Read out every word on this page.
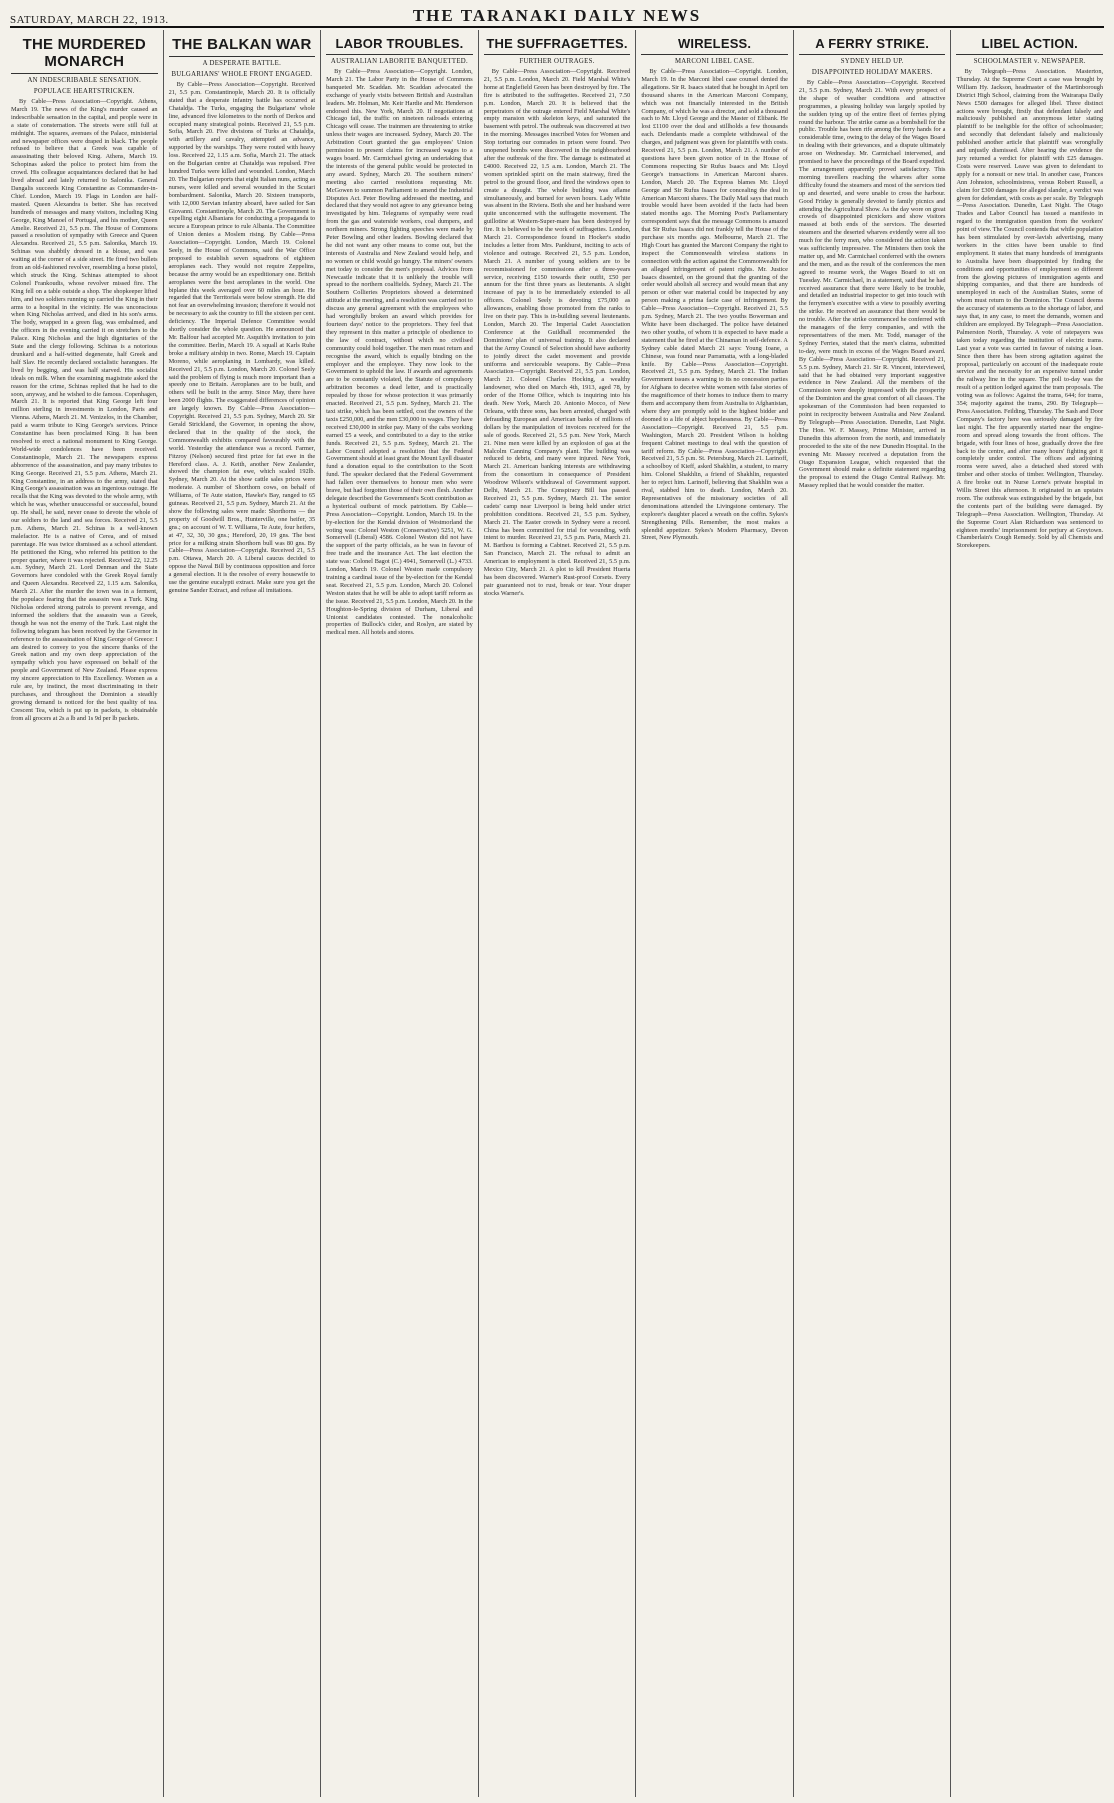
SATURDAY, MARCH 22, 1913.	THE TARANAKI DAILY NEWS
THE MURDERED MONARCH
AN INDESCRIBABLE SENSATION.
POPULACE HEARTSTRICKEN.
By Cable—Press Association—Copyright. Athens, March 19. The news of the King's murder caused an indescribable sensation in the capital, and people were in a state of consternation. The streets were still full at midnight. The squares, avenues of the Palace, ministerial and newspaper offices were draped in black. The people refused to believe that a Greek was capable of assassinating their beloved King. Athens, March 19. Schopinas asked the police to protect him from the crowd. His colleague acquaintances declared that he had lived abroad and lately returned to Salonika. General Dangalis succeeds King Constantine as Commander-in-Chief. London, March 19. Flags in London are half-masted. Queen Alexandra is better. She has received hundreds of messages and many visitors, including King George, King Manoel of Portugal, and his mother, Queen Amelie. Received 21, 5.5 p.m. The House of Commons passed a resolution of sympathy with Greece and Queen Alexandra. Received 21, 5.5 p.m. Salonika, March 19. Schinas was shabbily dressed in a blouse, and was waiting at the corner of a side street. He fired two bullets from an old-fashioned revolver, resembling a horse pistol, which struck the King. Schinas attempted to shoot Colonel Frankoudis, whose revolver missed fire. The King fell on a table outside a shop. The shopkeeper lifted him, and two soldiers running up carried the King in their arms to a hospital in the vicinity. He was unconscious when King Nicholas arrived, and died in his son's arms. The body, wrapped in a green flag, was embalmed, and the officers in the evening carried it on stretchers to the Palace. King Nicholas and the high dignitaries of the State and the clergy following. Schinas is a notorious drunkard and a half-witted degenerate, half Greek and half Slav. He recently declared socialistic harangues. He lived by begging, and was half starved. His socialist ideals on milk. When the examining magistrate asked the reason for the crime, Schinas replied that he had to die soon, anyway, and he wished to die famous. Copenhagen, March 21. It is reported that King George left four million sterling in investments in London, Paris and Vienna. Athens, March 21. M. Venizelos, in the Chamber, paid a warm tribute to King George's services. Prince Constantine has been proclaimed King. It has been resolved to erect a national monument to King George. World-wide condolences have been received. Constantinople, March 21. The newspapers express abhorrence of the assassination, and pay many tributes to King George. Received 21, 5.5 p.m. Athens, March 21. King Constantine, in an address to the army, stated that King George's assassination was an ingenious outrage. He recalls that the King was devoted to the whole army, with which he was, whether unsuccessful or successful, bound up. He shall, he said, never cease to devote the whole of our soldiers to the land and sea forces. Received 21, 5.5 p.m. Athens, March 21. Schinas is a well-known malefactor. He is a native of Cerea, and of mixed parentage. He was twice dismissed as a school attendant. He petitioned the King, who referred his petition to the proper quarter, where it was rejected. Received 22, 12.25 a.m. Sydney, March 21. Lord Denman and the State Governors have condoled with the Greek Royal family and Queen Alexandra. Received 22, 1.15 a.m. Salonika, March 21. After the murder the town was in a ferment, the populace fearing that the assassin was a Turk. King Nicholas ordered strong patrols to prevent revenge, and informed the soldiers that the assassin was a Greek, though he was not the enemy of the Turk. Last night the following telegram has been received by the Governor in reference to the assassination of King George of Greece: I am desired to convey to you the sincere thanks of the Greek nation and my own deep appreciation of the sympathy which you have expressed on behalf of the people and Government of New Zealand. Please express my sincere appreciation to His Excellency. Women as a rule are, by instinct, the most discriminating in their purchases, and throughout the Dominion a steadily growing demand is noticed for the best quality of tea. Crescent Tea, which is put up in packets, is obtainable from all grocers at 2s a lb and 1s 9d per lb packets.
THE BALKAN WAR
A DESPERATE BATTLE.
BULGARIANS' WHOLE FRONT ENGAGED.
By Cable—Press Association—Copyright. Received 21, 5.5 p.m. Constantinople, March 20. It is officially stated that a desperate infantry battle has occurred at Chataldja. The Turks, engaging the Bulgarians' whole line, advanced five kilometres to the north of Derkos and occupied many strategical points. Received 21, 5.5 p.m. Sofia, March 20. Five divisions of Turks at Chataldja, with artillery and cavalry, attempted an advance, supported by the warships. They were routed with heavy loss. Received 22, 1.15 a.m. Sofia, March 21. The attack on the Bulgarian centre at Chataldja was repulsed. Five hundred Turks were killed and wounded. London, March 20. The Bulgarian reports that eight Italian nuns, acting as nurses, were killed and several wounded in the Scutari bombardment. Salonika, March 20. Sixteen transports, with 12,000 Servian infantry aboard, have sailed for San Giovanni. Constantinople, March 20. The Government is expelling eight Albanians for conducting a propaganda to secure a European prince to rule Albania. The Committee of Union denies a Moslem rising. By Cable—Press Association—Copyright. London, March 19. Colonel Seely, in the House of Commons, said the War Office proposed to establish seven squadrons of eighteen aeroplanes each. They would not require Zeppelins, because the army would be an expeditionary one. British aeroplanes were the best aeroplanes in the world. One biplane this week averaged over 60 miles an hour. He regarded that the Territorials were below strength. He did not fear an overwhelming invasion; therefore it would not be necessary to ask the country to fill the sixteen per cent. deficiency. The Imperial Defence Committee would shortly consider the whole question. He announced that Mr. Balfour had accepted Mr. Asquith's invitation to join the committee. Berlin, March 19. A squall at Karls Ruhe broke a military airship in two. Rome, March 19. Captain Moreno, while aeroplaning in Lombardy, was killed. Received 21, 5.5 p.m. London, March 20. Colonel Seely said the problem of flying is much more important than a speedy one to Britain. Aeroplanes are to be built, and others will be built in the army. Since May, there have been 2000 flights. The exaggerated differences of opinion are largely known. By Cable—Press Association—Copyright. Received 21, 5.5 p.m. Sydney, March 20. Sir Gerald Strickland, the Governor, in opening the show, declared that in the quality of the stock, the Commonwealth exhibits compared favourably with the world. Yesterday the attendance was a record. Farmer, Fitzroy (Nelson) secured first prize for fat ewe in the Hereford class. A. J. Keith, another New Zealander, showed the champion fat ewe, which scaled 192lb. Sydney, March 20. At the show cattle sales prices were moderate. A number of Shorthorn cows, on behalf of Williams, of Te Aute station, Hawke's Bay, ranged to 65 guineas. Received 21, 5.5 p.m. Sydney, March 21. At the show the following sales were made: Shorthorns — the property of Goodwill Bros., Hunterville, one heifer, 35 gns.; on account of W. T. Williams, Te Aute, four heifers, at 47, 32, 30, 30 gns.; Hereford, 20, 19 gns. The best price for a milking strain Shorthorn bull was 80 gns. By Cable—Press Association—Copyright. Received 21, 5.5 p.m. Ottawa, March 20. A Liberal caucus decided to oppose the Naval Bill by continuous opposition and force a general election. It is the resolve of every housewife to use the genuine eucalypti extract. Make sure you get the genuine Sander Extract, and refuse all imitations.
LABOR TROUBLES.
AUSTRALIAN LABORITE BANQUETTED.
By Cable—Press Association—Copyright. London, March 21. The Labor Party in the House of Commons banqueted Mr. Scaddan. Mr. Scaddan advocated the exchange of yearly visits between British and Australian leaders. Mr. Holman, Mr. Keir Hardie and Mr. Henderson endorsed this. New York, March 20. If negotiations at Chicago fail, the traffic on nineteen railroads entering Chicago will cease. The trainmen are threatening to strike unless their wages are increased. Sydney, March 20. The Arbitration Court granted the gas employees' Union permission to present claims for increased wages to a wages board. Mr. Carmichael giving an undertaking that the interests of the general public would be protected in any award. Sydney, March 20. The southern miners' meeting also carried resolutions requesting Mr. McGowen to summon Parliament to amend the Industrial Disputes Act. Peter Bowling addressed the meeting, and declared that they would not agree to any grievance being investigated by him. Telegrams of sympathy were read from the gas and waterside workers, coal dumpers, and northern miners. Strong fighting speeches were made by Peter Bowling and other leaders. Bowling declared that he did not want any other means to come out, but the interests of Australia and New Zealand would help, and no women or child would go hungry. The miners' owners met today to consider the men's proposal. Advices from Newcastle indicate that it is unlikely the trouble will spread to the northern coalfields. Sydney, March 21. The Southern Collieries Proprietors showed a determined attitude at the meeting, and a resolution was carried not to discuss any general agreement with the employees who had wrongfully broken an award which provides for fourteen days' notice to the proprietors. They feel that they represent in this matter a principle of obedience to the law of contract, without which no civilised community could hold together. The men must return and recognise the award, which is equally binding on the employer and the employee. They now look to the Government to uphold the law. If awards and agreements are to be constantly violated, the Statute of compulsory arbitration becomes a dead letter, and is practically repealed by those for whose protection it was primarily enacted. Received 21, 5.5 p.m. Sydney, March 21. The taxi strike, which has been settled, cost the owners of the taxis £250,000, and the men £30,000 in wages. They have received £30,000 in strike pay. Many of the cabs working earned £5 a week, and contributed to a day to the strike funds. Received 21, 5.5 p.m. Sydney, March 21. The Labor Council adopted a resolution that the Federal Government should at least grant the Mount Lyell disaster fund a donation equal to the contribution to the Scott fund. The speaker declared that the Federal Government had fallen over themselves to honour men who were brave, but had forgotten those of their own flesh. Another delegate described the Government's Scott contribution as a hysterical outburst of mock patriotism. By Cable—Press Association—Copyright. London, March 19. In the by-election for the Kendal division of Westmorland the voting was: Colonel Weston (Conservative) 5251, W. G. Somervell (Liberal) 4586. Colonel Weston did not have the support of the party officials, as he was in favour of free trade and the insurance Act. The last election the state was: Colonel Bagot (C.) 4941, Somervell (L.) 4733. London, March 19. Colonel Weston made compulsory training a cardinal issue of the by-election for the Kendal seat. Received 21, 5.5 p.m. London, March 20. Colonel Weston states that he will be able to adopt tariff reform as the issue. Received 21, 5.5 p.m. London, March 20. In the Houghton-le-Spring division of Durham, Liberal and Unionist candidates contested. The nonalcoholic properties of Bullock's cider, and Roslyn, are stated by medical men. All hotels and stores.
THE SUFFRAGETTES.
FURTHER OUTRAGES.
By Cable—Press Association—Copyright. Received 21, 5.5 p.m. London, March 20. Field Marshal White's home at Englefield Green has been destroyed by fire. The fire is attributed to the suffragettes. Received 21, 7.50 p.m. London, March 20. It is believed that the perpetrators of the outrage entered Field Marshal White's empty mansion with skeleton keys, and saturated the basement with petrol. The outbreak was discovered at two in the morning. Messages inscribed Votes for Women and Stop torturing our comrades in prison were found. Two unopened bombs were discovered in the neighbourhood after the outbreak of the fire. The damage is estimated at £4000. Received 22, 1.5 a.m. London, March 21. The women sprinkled spirit on the main stairway, fired the petrol to the ground floor, and fired the windows open to create a draught. The whole building was aflame simultaneously, and burned for seven hours. Lady White was absent in the Riviera. Both she and her husband were quite unconcerned with the suffragette movement. The guillotine at Western-Super-mare has been destroyed by fire. It is believed to be the work of suffragettes. London, March 21. Correspondence found in Hocker's studio includes a letter from Mrs. Pankhurst, inciting to acts of violence and outrage. Received 21, 5.5 p.m. London, March 21. A number of young soldiers are to be recommissioned for commissions after a three-years service, receiving £150 towards their outfit, £50 per annum for the first three years as lieutenants. A slight increase of pay is to be immediately extended to all officers. Colonel Seely is devoting £75,000 as allowances, enabling those promoted from the ranks to live on their pay. This is in-building several lieutenants. London, March 20. The Imperial Cadet Association Conference at the Guildhall recommended the Dominions' plan of universal training. It also declared that the Army Council of Selection should have authority to jointly direct the cadet movement and provide uniforms and serviceable weapons. By Cable—Press Association—Copyright. Received 21, 5.5 p.m. London, March 21. Colonel Charles Hocking, a wealthy landowner, who died on March 4th, 1913, aged 78, by order of the Home Office, which is inquiring into his death. New York, March 20. Antonio Mocco, of New Orleans, with three sons, has been arrested, charged with defrauding European and American banks of millions of dollars by the manipulation of invoices received for the sale of goods. Received 21, 5.5 p.m. New York, March 21. Nine men were killed by an explosion of gas at the Malcolm Canning Company's plant. The building was reduced to debris, and many were injured. New York, March 21. American banking interests are withdrawing from the consortium in consequence of President Woodrow Wilson's withdrawal of Government support. Delhi, March 21. The Conspiracy Bill has passed. Received 21, 5.5 p.m. Sydney, March 21. The senior cadets' camp near Liverpool is being held under strict prohibition conditions. Received 21, 5.5 p.m. Sydney, March 21. The Easter crowds in Sydney were a record. China has been committed for trial for wounding, with intent to murder. Received 21, 5.5 p.m. Paris, March 21. M. Barthou is forming a Cabinet. Received 21, 5.5 p.m. San Francisco, March 21. The refusal to admit an American to employment is cited. Received 21, 5.5 p.m. Mexico City, March 21. A plot to kill President Huerta has been discovered. Warner's Rust-proof Corsets. Every pair guaranteed not to rust, break or tear. Your draper stocks Warner's.
WIRELESS.
MARCONI LIBEL CASE.
By Cable—Press Association—Copyright. London, March 19. In the Marconi libel case counsel denied the allegations. Sir R. Isaacs stated that he bought in April ten thousand shares in the American Marconi Company, which was not financially interested in the British Company, of which he was a director, and sold a thousand each to Mr. Lloyd George and the Master of Elibank. He lost £1100 over the deal and stillholds a few thousands each. Defendants made a complete withdrawal of the charges, and judgment was given for plaintiffs with costs. Received 21, 5.5 p.m. London, March 21. A number of questions have been given notice of in the House of Commons respecting Sir Rufus Isaacs and Mr. Lloyd George's transactions in American Marconi shares. London, March 20. The Express blames Mr. Lloyd George and Sir Rufus Isaacs for concealing the deal in American Marconi shares. The Daily Mail says that much trouble would have been avoided if the facts had been stated months ago. The Morning Post's Parliamentary correspondent says that the message Commons is amazed that Sir Rufus Isaacs did not frankly tell the House of the purchase six months ago. Melbourne, March 21. The High Court has granted the Marconi Company the right to inspect the Commonwealth wireless stations in connection with the action against the Commonwealth for an alleged infringement of patent rights. Mr. Justice Isaacs dissented, on the ground that the granting of the order would abolish all secrecy and would mean that any person or other war material could be inspected by any person making a prima facie case of infringement. By Cable—Press Association—Copyright. Received 21, 5.5 p.m. Sydney, March 21. The two youths Bowerman and White have been discharged. The police have detained two other youths, of whom it is expected to have made a statement that he fired at the Chinaman in self-defence. A Sydney cable dated March 21 says: Young Ioane, a Chinese, was found near Parramatta, with a long-bladed knife. By Cable—Press Association—Copyright. Received 21, 5.5 p.m. Sydney, March 21. The Indian Government issues a warning to its no concession parties for Afghans to deceive white women with false stories of the magnificence of their homes to induce them to marry them and accompany them from Australia to Afghanistan, where they are promptly sold to the highest bidder and doomed to a life of abject hopelessness. By Cable—Press Association—Copyright. Received 21, 5.5 p.m. Washington, March 20. President Wilson is holding frequent Cabinet meetings to deal with the question of tariff reform. By Cable—Press Association—Copyright. Received 21, 5.5 p.m. St. Petersburg, March 21. Larinoff, a schoolboy of Kieff, asked Shakhlin, a student, to marry him. Colonel Shakhlin, a friend of Shakhlin, requested her to reject him. Larinoff, believing that Shakhlin was a rival, stabbed him to death. London, March 20. Representatives of the missionary societies of all denominations attended the Livingstone centenary. The explorer's daughter placed a wreath on the coffin. Sykes's Strengthening Pills. Remember, the most makes a splendid appetizer. Sykes's Modern Pharmacy, Devon Street, New Plymouth.
A FERRY STRIKE.
SYDNEY HELD UP.
DISAPPOINTED HOLIDAY MAKERS.
By Cable—Press Association—Copyright. Received 21, 5.5 p.m. Sydney, March 21. With every prospect of the shape of weather conditions and attractive programmes, a pleasing holiday was largely spoiled by the sudden tying up of the entire fleet of ferries plying round the harbour. The strike came as a bombshell for the public. Trouble has been rife among the ferry hands for a considerable time, owing to the delay of the Wages Board in dealing with their grievances, and a dispute ultimately arose on Wednesday. Mr. Carmichael intervened, and promised to have the proceedings of the Board expedited. The arrangement apparently proved satisfactory. This morning travellers reaching the wharves after some difficulty found the steamers and most of the services tied up and deserted, and were unable to cross the harbour. Good Friday is generally devoted to family picnics and attending the Agricultural Show. As the day wore on great crowds of disappointed picnickers and show visitors massed at both ends of the services. The deserted steamers and the deserted wharves evidently were all too much for the ferry men, who considered the action taken was sufficiently impressive. The Ministers then took the matter up, and Mr. Carmichael conferred with the owners and the men, and as the result of the conferences the men agreed to resume work, the Wages Board to sit on Tuesday. Mr. Carmichael, in a statement, said that he had received assurance that there were likely to be trouble, and detailed an industrial inspector to get into touch with the ferrymen's executive with a view to possibly averting the strike. He received an assurance that there would be no trouble. After the strike commenced he conferred with the managers of the ferry companies, and with the representatives of the men. Mr. Todd, manager of the Sydney Ferries, stated that the men's claims, submitted to-day, were much in excess of the Wages Board award. By Cable—Press Association—Copyright. Received 21, 5.5 p.m. Sydney, March 21. Sir R. Vincent, interviewed, said that he had obtained very important suggestive evidence in New Zealand. All the members of the Commission were deeply impressed with the prosperity of the Dominion and the great comfort of all classes. The spokesman of the Commission had been requested to point in reciprocity between Australia and New Zealand. By Telegraph—Press Association. Dunedin, Last Night. The Hon. W. F. Massey, Prime Minister, arrived in Dunedin this afternoon from the north, and immediately proceeded to the site of the new Dunedin Hospital. In the evening Mr. Massey received a deputation from the Otago Expansion League, which requested that the Government should make a definite statement regarding the proposal to extend the Otago Central Railway. Mr. Massey replied that he would consider the matter.
LIBEL ACTION.
SCHOOLMASTER v. NEWSPAPER.
By Telegraph—Press Association. Masterton, Thursday. At the Supreme Court a case was brought by William Hy. Jackson, headmaster of the Martinborough District High School, claiming from the Wairarapa Daily News £500 damages for alleged libel. Three distinct actions were brought, firstly that defendant falsely and maliciously published an anonymous letter stating plaintiff to be ineligible for the office of schoolmaster; and secondly that defendant falsely and maliciously published another article that plaintiff was wrongfully and unjustly dismissed. After hearing the evidence the jury returned a verdict for plaintiff with £25 damages. Costs were reserved. Leave was given to defendant to apply for a nonsuit or new trial. In another case, Frances Ann Johnston, schoolmistress, versus Robert Russell, a claim for £300 damages for alleged slander, a verdict was given for defendant, with costs as per scale. By Telegraph—Press Association. Dunedin, Last Night. The Otago Trades and Labor Council has issued a manifesto in regard to the immigration question from the workers' point of view. The Council contends that while population has been stimulated by over-lavish advertising, many workers in the cities have been unable to find employment. It states that many hundreds of immigrants to Australia have been disappointed by finding the conditions and opportunities of employment so different from the glowing pictures of immigration agents and shipping companies, and that there are hundreds of unemployed in each of the Australian States, some of whom must return to the Dominion. The Council deems the accuracy of statements as to the shortage of labor, and says that, in any case, to meet the demands, women and children are employed. By Telegraph—Press Association. Palmerston North, Thursday. A vote of ratepayers was taken today regarding the institution of electric trams. Last year a vote was carried in favour of raising a loan. Since then there has been strong agitation against the proposal, particularly on account of the inadequate route service and the necessity for an expensive tunnel under the railway line in the square. The poll to-day was the result of a petition lodged against the tram proposals. The voting was as follows: Against the trams, 644; for trams, 354; majority against the trams, 290. By Telegraph—Press Association. Feilding, Thursday. The Sash and Door Company's factory here was seriously damaged by fire last night. The fire apparently started near the engine-room and spread along towards the front offices. The brigade, with four lines of hose, gradually drove the fire back to the centre, and after many hours' fighting got it completely under control. The offices and adjoining rooms were saved, also a detached shed stored with timber and other stocks of timber. Wellington, Thursday. A fire broke out in Nurse Lorne's private hospital in Willis Street this afternoon. It originated in an upstairs room. The outbreak was extinguished by the brigade, but the contents part of the building were damaged. By Telegraph—Press Association. Wellington, Thursday. At the Supreme Court Alan Richardson was sentenced to eighteen months' imprisonment for perjury at Greytown. Chamberlain's Cough Remedy. Sold by all Chemists and Storekeepers.
